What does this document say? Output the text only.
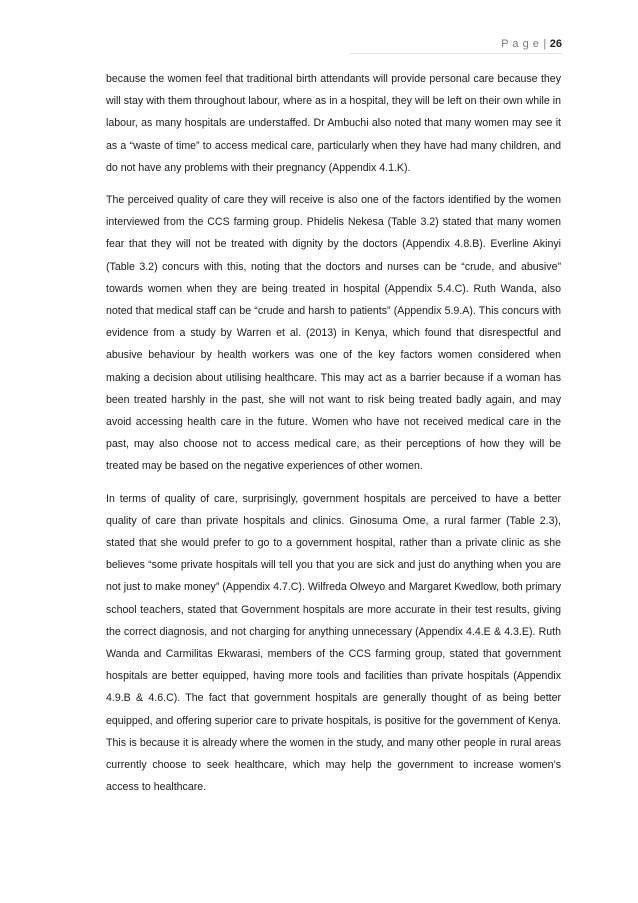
P a g e | 26

because the women feel that traditional birth attendants will provide personal care because they will stay with them throughout labour, where as in a hospital, they will be left on their own while in labour, as many hospitals are understaffed. Dr Ambuchi also noted that many women may see it as a “waste of time” to access medical care, particularly when they have had many children, and do not have any problems with their pregnancy (Appendix 4.1.K).

The perceived quality of care they will receive is also one of the factors identified by the women interviewed from the CCS farming group. Phidelis Nekesa (Table 3.2) stated that many women fear that they will not be treated with dignity by the doctors (Appendix 4.8.B). Everline Akinyi (Table 3.2) concurs with this, noting that the doctors and nurses can be “crude, and abusive” towards women when they are being treated in hospital (Appendix 5.4.C). Ruth Wanda, also noted that medical staff can be “crude and harsh to patients” (Appendix 5.9.A). This concurs with evidence from a study by Warren et al. (2013) in Kenya, which found that disrespectful and abusive behaviour by health workers was one of the key factors women considered when making a decision about utilising healthcare. This may act as a barrier because if a woman has been treated harshly in the past, she will not want to risk being treated badly again, and may avoid accessing health care in the future. Women who have not received medical care in the past, may also choose not to access medical care, as their perceptions of how they will be treated may be based on the negative experiences of other women.

In terms of quality of care, surprisingly, government hospitals are perceived to have a better quality of care than private hospitals and clinics. Ginosuma Ome, a rural farmer (Table 2.3), stated that she would prefer to go to a government hospital, rather than a private clinic as she believes “some private hospitals will tell you that you are sick and just do anything when you are not just to make money” (Appendix 4.7.C). Wilfreda Olweyo and Margaret Kwedlow, both primary school teachers, stated that Government hospitals are more accurate in their test results, giving the correct diagnosis, and not charging for anything unnecessary (Appendix 4.4.E & 4.3.E). Ruth Wanda and Carmilitas Ekwarasi, members of the CCS farming group, stated that government hospitals are better equipped, having more tools and facilities than private hospitals (Appendix 4.9.B & 4.6.C). The fact that government hospitals are generally thought of as being better equipped, and offering superior care to private hospitals, is positive for the government of Kenya. This is because it is already where the women in the study, and many other people in rural areas currently choose to seek healthcare, which may help the government to increase women’s access to healthcare.
